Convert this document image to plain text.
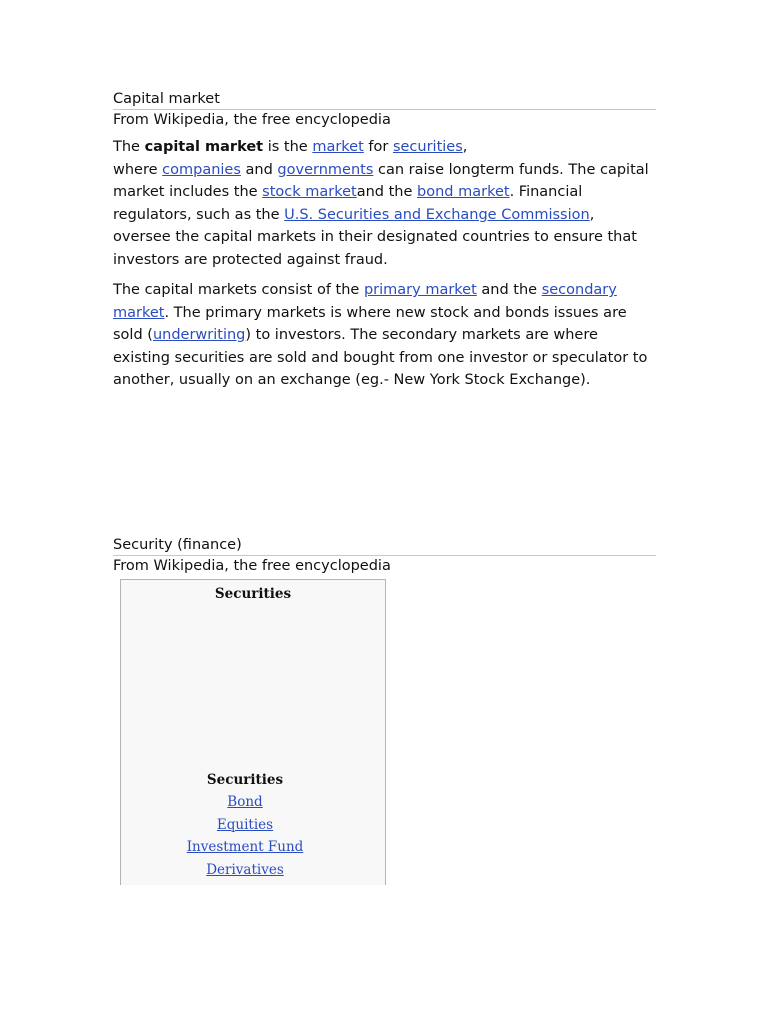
Capital market
From Wikipedia, the free encyclopedia

The capital market is the market for securities,
where companies and governments can raise longterm funds. The capital market includes the stock marketand the bond market. Financial regulators, such as the U.S. Securities and Exchange Commission, oversee the capital markets in their designated countries to ensure that investors are protected against fraud.

The capital markets consist of the primary market and the secondary market. The primary markets is where new stock and bonds issues are sold (underwriting) to investors. The secondary markets are where existing securities are sold and bought from one investor or speculator to another, usually on an exchange (eg.- New York Stock Exchange).

Security (finance)
From Wikipedia, the free encyclopedia
Securities
Securities
Bond
Equities
Investment Fund
Derivatives
